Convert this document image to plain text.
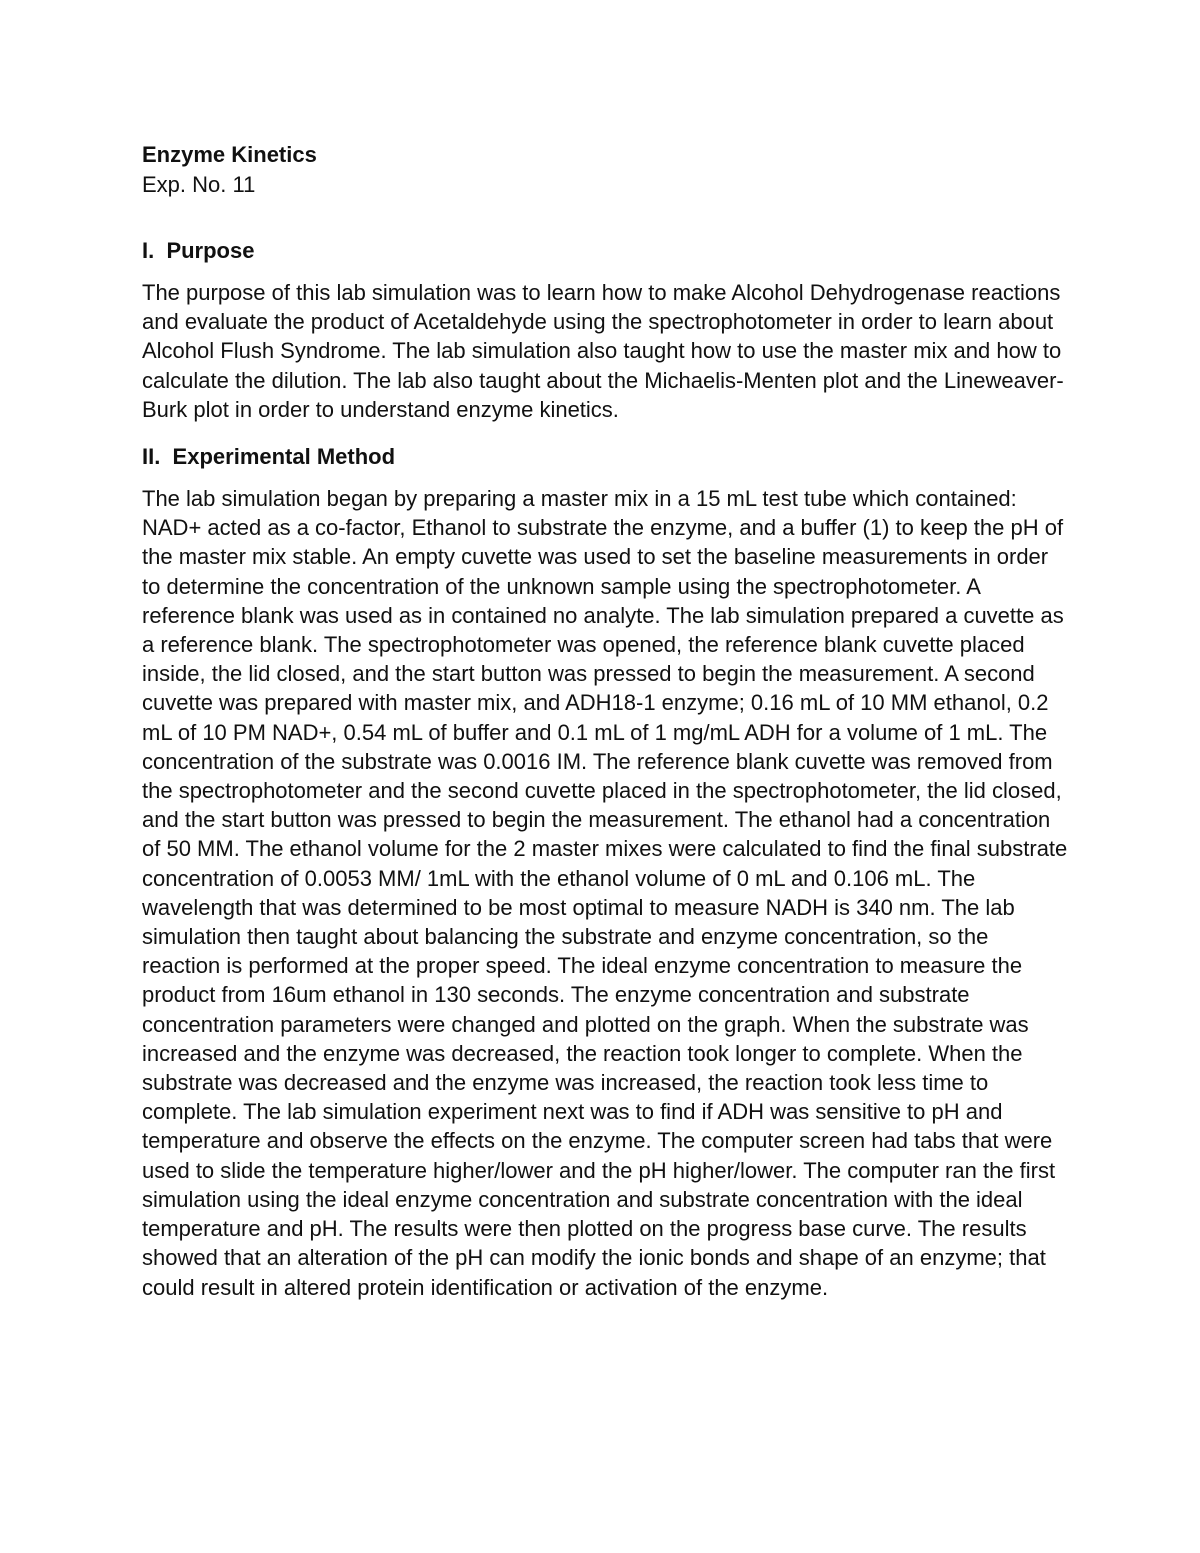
Enzyme Kinetics

Exp. No. 11

I.  Purpose

The purpose of this lab simulation was to learn how to make Alcohol Dehydrogenase reactions and evaluate the product of Acetaldehyde using the spectrophotometer in order to learn about Alcohol Flush Syndrome. The lab simulation also taught how to use the master mix and how to calculate the dilution. The lab also taught about the Michaelis-Menten plot and the Lineweaver-Burk plot in order to understand enzyme kinetics.

II.  Experimental Method

The lab simulation began by preparing a master mix in a 15 mL test tube which contained: NAD+ acted as a co-factor, Ethanol to substrate the enzyme, and a buffer (1) to keep the pH of the master mix stable. An empty cuvette was used to set the baseline measurements in order to determine the concentration of the unknown sample using the spectrophotometer. A reference blank was used as in contained no analyte. The lab simulation prepared a cuvette as a reference blank. The spectrophotometer was opened, the reference blank cuvette placed inside, the lid closed, and the start button was pressed to begin the measurement. A second cuvette was prepared with master mix, and ADH18-1 enzyme; 0.16 mL of 10 MM ethanol, 0.2 mL of 10 PM NAD+, 0.54 mL of buffer and 0.1 mL of 1 mg/mL ADH for a volume of 1 mL. The concentration of the substrate was 0.0016 IM. The reference blank cuvette was removed from the spectrophotometer and the second cuvette placed in the spectrophotometer, the lid closed, and the start button was pressed to begin the measurement. The ethanol had a concentration of 50 MM. The ethanol volume for the 2 master mixes were calculated to find the final substrate concentration of 0.0053 MM/ 1mL with the ethanol volume of 0 mL and 0.106 mL. The wavelength that was determined to be most optimal to measure NADH is 340 nm. The lab simulation then taught about balancing the substrate and enzyme concentration, so the reaction is performed at the proper speed. The ideal enzyme concentration to measure the product from 16um ethanol in 130 seconds. The enzyme concentration and substrate concentration parameters were changed and plotted on the graph. When the substrate was increased and the enzyme was decreased, the reaction took longer to complete. When the substrate was decreased and the enzyme was increased, the reaction took less time to complete. The lab simulation experiment next was to find if ADH was sensitive to pH and temperature and observe the effects on the enzyme. The computer screen had tabs that were used to slide the temperature higher/lower and the pH higher/lower. The computer ran the first simulation using the ideal enzyme concentration and substrate concentration with the ideal temperature and pH. The results were then plotted on the progress base curve. The results showed that an alteration of the pH can modify the ionic bonds and shape of an enzyme; that could result in altered protein identification or activation of the enzyme.
